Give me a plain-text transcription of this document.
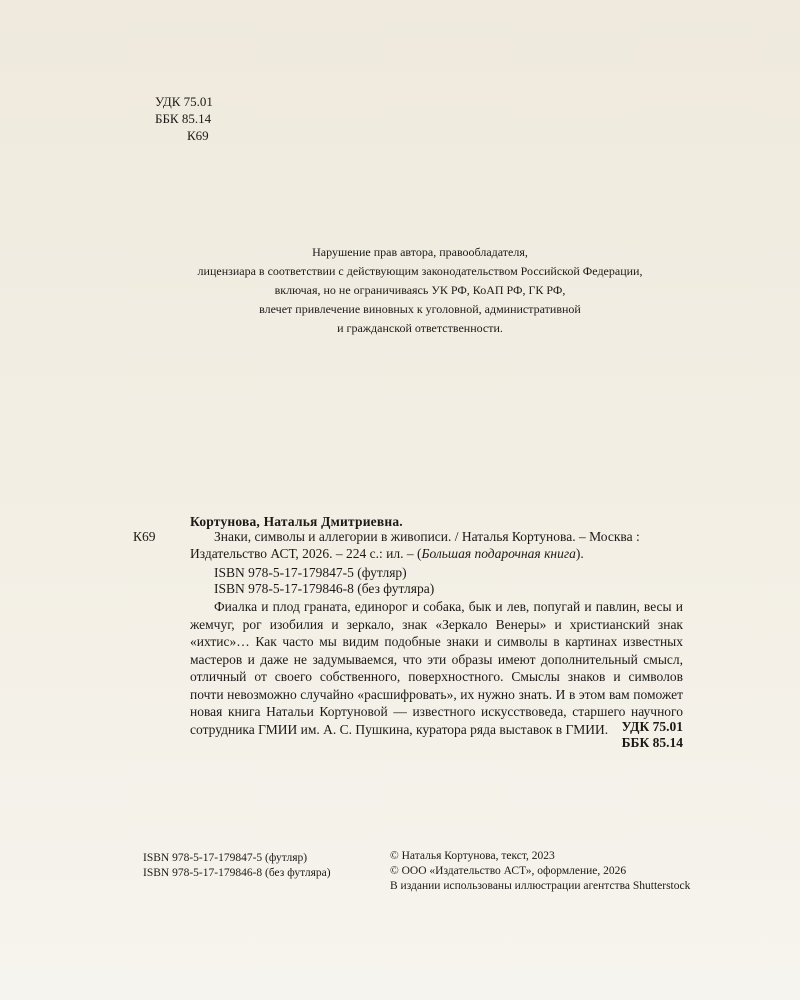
УДК 75.01
ББК 85.14
К69
Нарушение прав автора, правообладателя,
лицензиара в соответствии с действующим законодательством Российской Федерации,
включая, но не ограничиваясь УК РФ, КоАП РФ, ГК РФ,
влечет привлечение виновных к уголовной, административной
и гражданской ответственности.
Кортунова, Наталья Дмитриевна.
К69	Знаки, символы и аллегории в живописи. / Наталья Кортунова. – Москва : Издательство АСТ, 2026. – 224 с.: ил. – (Большая подарочная книга).
ISBN 978-5-17-179847-5 (футляр)
ISBN 978-5-17-179846-8 (без футляра)
Фиалка и плод граната, единорог и собака, бык и лев, попугай и павлин, весы и жемчуг, рог изобилия и зеркало, знак «Зеркало Венеры» и христианский знак «ихтис»… Как часто мы видим подобные знаки и символы в картинах известных мастеров и даже не задумываемся, что эти образы имеют дополнительный смысл, отличный от своего собственного, поверхностного. Смыслы знаков и символов почти невозможно случайно «расшифровать», их нужно знать. И в этом вам поможет новая книга Натальи Кортуновой — известного искусствоведа, старшего научного сотрудника ГМИИ им. А. С. Пушкина, куратора ряда выставок в ГМИИ.	УДК 75.01
ББК 85.14
ISBN 978-5-17-179847-5 (футляр)
ISBN 978-5-17-179846-8 (без футляра)
© Наталья Кортунова, текст, 2023
© ООО «Издательство АСТ», оформление, 2026
В издании использованы иллюстрации агентства Shutterstock
